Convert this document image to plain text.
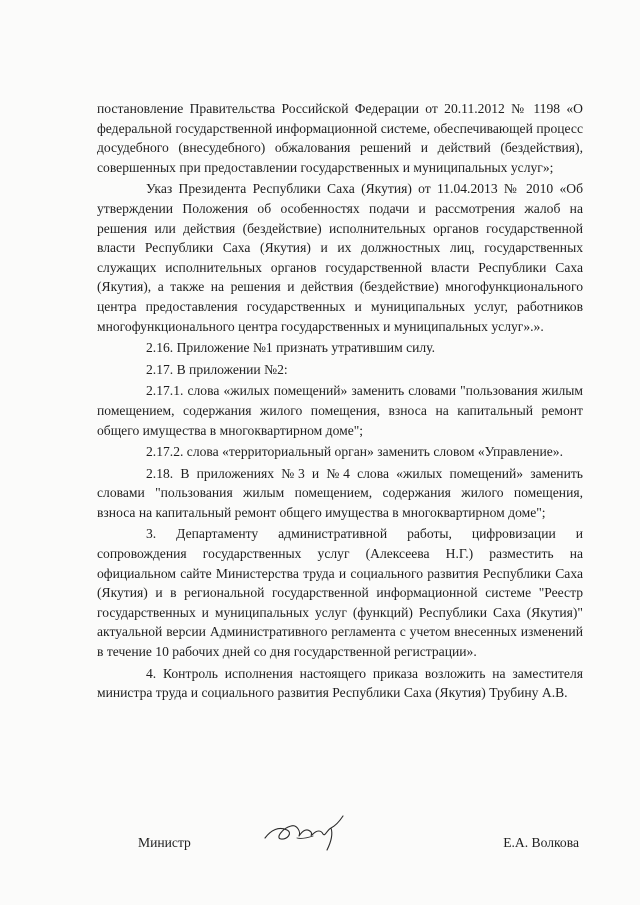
постановление Правительства Российской Федерации от 20.11.2012 № 1198 «О федеральной государственной информационной системе, обеспечивающей процесс досудебного (внесудебного) обжалования решений и действий (бездействия), совершенных при предоставлении государственных и муниципальных услуг»;

Указ Президента Республики Саха (Якутия) от 11.04.2013 № 2010 «Об утверждении Положения об особенностях подачи и рассмотрения жалоб на решения или действия (бездействие) исполнительных органов государственной власти Республики Саха (Якутия) и их должностных лиц, государственных служащих исполнительных органов государственной власти Республики Саха (Якутия), а также на решения и действия (бездействие) многофункционального центра предоставления государственных и муниципальных услуг, работников многофункционального центра государственных и муниципальных услуг».».

2.16. Приложение №1 признать утратившим силу.

2.17. В приложении №2:

2.17.1. слова «жилых помещений» заменить словами "пользования жилым помещением, содержания жилого помещения, взноса на капитальный ремонт общего имущества в многоквартирном доме";

2.17.2. слова «территориальный орган» заменить словом «Управление».

2.18. В приложениях №3 и №4 слова «жилых помещений» заменить словами "пользования жилым помещением, содержания жилого помещения, взноса на капитальный ремонт общего имущества в многоквартирном доме";

3. Департаменту административной работы, цифровизации и сопровождения государственных услуг (Алексеева Н.Г.) разместить на официальном сайте Министерства труда и социального развития Республики Саха (Якутия) и в региональной государственной информационной системе "Реестр государственных и муниципальных услуг (функций) Республики Саха (Якутия)" актуальной версии Административного регламента с учетом внесенных изменений в течение 10 рабочих дней со дня государственной регистрации».

4. Контроль исполнения настоящего приказа возложить на заместителя министра труда и социального развития Республики Саха (Якутия) Трубину А.В.

Министр	Е.А. Волкова
